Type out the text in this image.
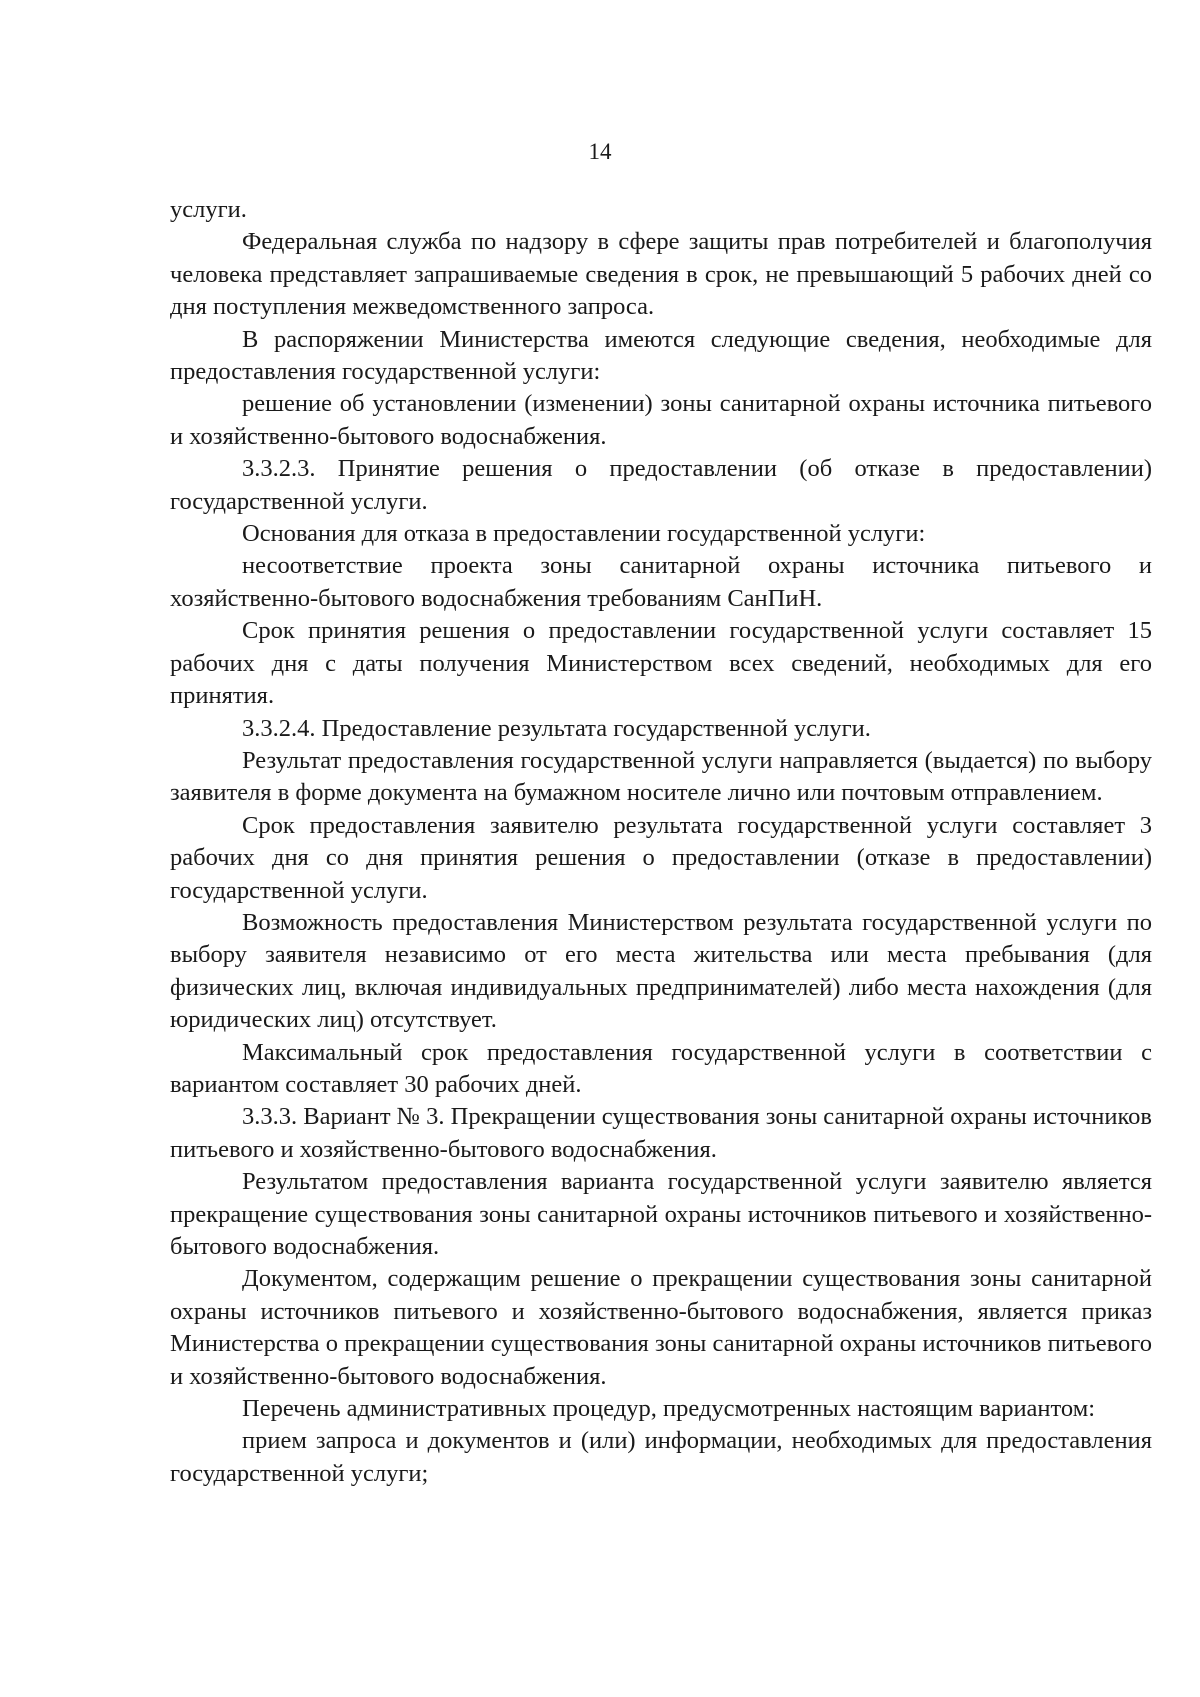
14

услуги.

Федеральная служба по надзору в сфере защиты прав потребителей и благополучия человека представляет запрашиваемые сведения в срок, не превышающий 5 рабочих дней со дня поступления межведомственного запроса.

В распоряжении Министерства имеются следующие сведения, необходимые для предоставления государственной услуги:

решение об установлении (изменении) зоны санитарной охраны источника питьевого и хозяйственно-бытового водоснабжения.

3.3.2.3. Принятие решения о предоставлении (об отказе в предоставлении) государственной услуги.

Основания для отказа в предоставлении государственной услуги:

несоответствие проекта зоны санитарной охраны источника питьевого и хозяйственно-бытового водоснабжения требованиям СанПиН.

Срок принятия решения о предоставлении государственной услуги составляет 15 рабочих дня с даты получения Министерством всех сведений, необходимых для его принятия.

3.3.2.4. Предоставление результата государственной услуги.

Результат предоставления государственной услуги направляется (выдается) по выбору заявителя в форме документа на бумажном носителе лично или почтовым отправлением.

Срок предоставления заявителю результата государственной услуги составляет 3 рабочих дня со дня принятия решения о предоставлении (отказе в предоставлении) государственной услуги.

Возможность предоставления Министерством результата государственной услуги по выбору заявителя независимо от его места жительства или места пребывания (для физических лиц, включая индивидуальных предпринимателей) либо места нахождения (для юридических лиц) отсутствует.

Максимальный срок предоставления государственной услуги в соответствии с вариантом составляет 30 рабочих дней.

3.3.3. Вариант № 3. Прекращении существования зоны санитарной охраны источников питьевого и хозяйственно-бытового водоснабжения.

Результатом предоставления варианта государственной услуги заявителю является прекращение существования зоны санитарной охраны источников питьевого и хозяйственно-бытового водоснабжения.

Документом, содержащим решение о прекращении существования зоны санитарной охраны источников питьевого и хозяйственно-бытового водоснабжения, является приказ Министерства о прекращении существования зоны санитарной охраны источников питьевого и хозяйственно-бытового водоснабжения.

Перечень административных процедур, предусмотренных настоящим вариантом:

прием запроса и документов и (или) информации, необходимых для предоставления государственной услуги;
